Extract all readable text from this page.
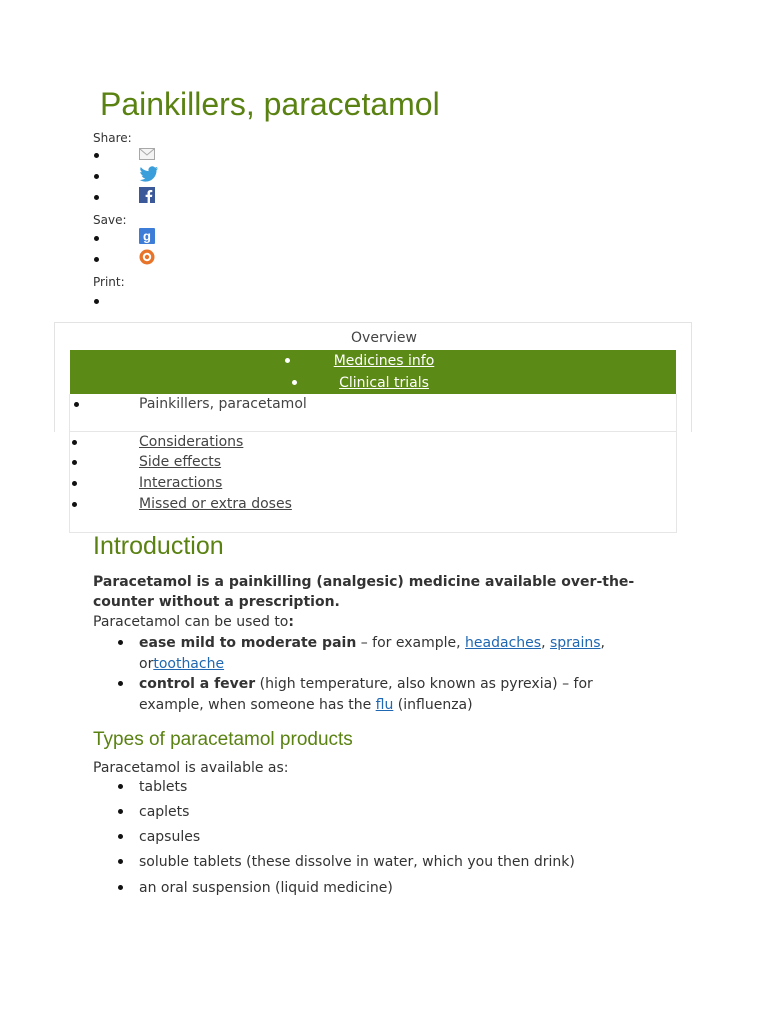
Painkillers, paracetamol
Share:
Save:
g
Print:
Overview
Medicines info
Clinical trials
Painkillers, paracetamol
Considerations
Side effects
Interactions
Missed or extra doses
Introduction

Paracetamol is a painkilling (analgesic) medicine available over-the-counter without a prescription.

Paracetamol can be used to:

ease mild to moderate pain – for example, headaches, sprains, ortoothache

control a fever (high temperature, also known as pyrexia) – for example, when someone has the flu (influenza)

Types of paracetamol products

Paracetamol is available as:

tablets

caplets

capsules

soluble tablets (these dissolve in water, which you then drink)

an oral suspension (liquid medicine)
